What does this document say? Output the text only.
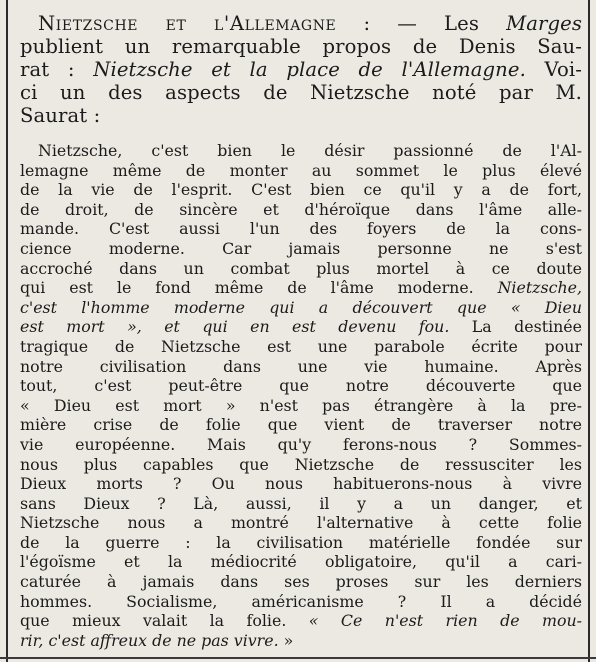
Nietzsche et l'Allemagne : — Les Marges
publient un remarquable propos de Denis Sau-
rat : Nietzsche et la place de l'Allemagne. Voi-
ci un des aspects de Nietzsche noté par M.
Saurat :
Nietzsche, c'est bien le désir passionné de l'Al-
lemagne même de monter au sommet le plus élevé
de la vie de l'esprit. C'est bien ce qu'il y a de fort,
de droit, de sincère et d'héroïque dans l'âme alle-
mande. C'est aussi l'un des foyers de la cons-
cience moderne. Car jamais personne ne s'est
accroché dans un combat plus mortel à ce doute
qui est le fond même de l'âme moderne. Nietzsche,
c'est l'homme moderne qui a découvert que « Dieu
est mort », et qui en est devenu fou. La destinée
tragique de Nietzsche est une parabole écrite pour
notre civilisation dans une vie humaine. Après
tout, c'est peut-être que notre découverte que
« Dieu est mort » n'est pas étrangère à la pre-
mière crise de folie que vient de traverser notre
vie européenne. Mais qu'y ferons-nous ? Sommes-
nous plus capables que Nietzsche de ressusciter les
Dieux morts ? Ou nous habituerons-nous à vivre
sans Dieux ? Là, aussi, il y a un danger, et
Nietzsche nous a montré l'alternative à cette folie
de la guerre : la civilisation matérielle fondée sur
l'égoïsme et la médiocrité obligatoire, qu'il a cari-
caturée à jamais dans ses proses sur les derniers
hommes. Socialisme, américanisme ? Il a décidé
que mieux valait la folie. « Ce n'est rien de mou-
rir, c'est affreux de ne pas vivre. »
